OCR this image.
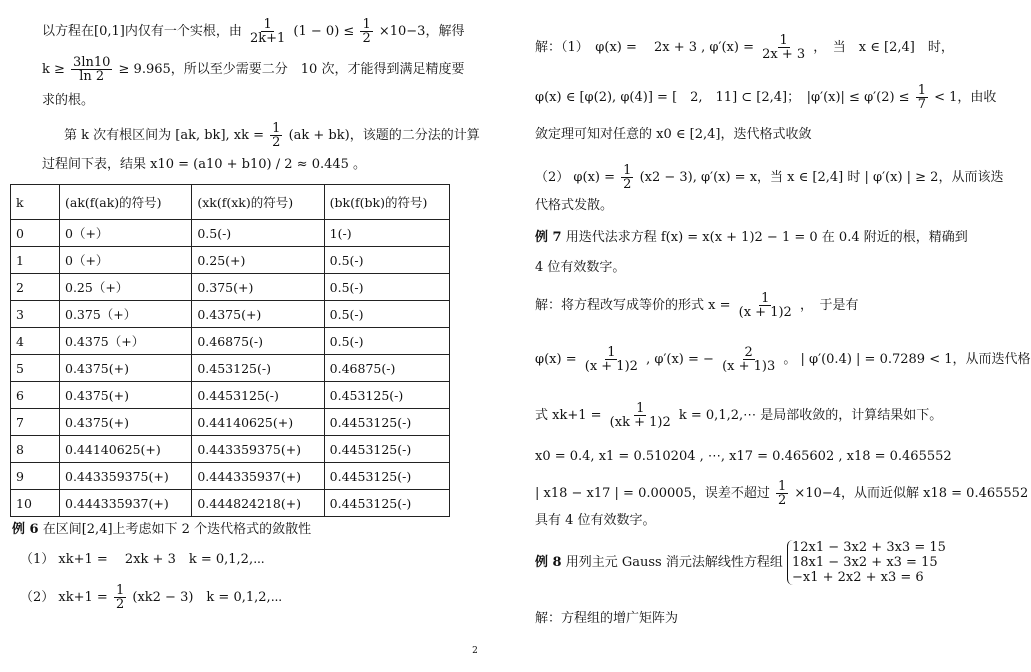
以方程在[0,1]内仅有一个实根，由 $\frac{1}{2k+1} (1 - 0) \le \frac{1}{2} \times 10-3$，解得
$k \ge \frac{3\ln 10}{\ln 2} \ge 9.965$，所以至少需要二分　10 次，才能得到满足精度要
求的根。
第 k 次有根区间为 [ak, bk], xk = $\frac{1}{2} (ak + bk)$，该题的二分法的计算
过程间下表，结果 x10 = (a10 + b10) / 2 ≈ 0.445 。
k	(ak(f(ak)的符号)	(xk(f(xk)的符号)	(bk(f(bk)的符号)
0	0（+）	0.5(-)	1(-)
1	0（+）	0.25(+)	0.5(-)
2	0.25（+）	0.375(+)	0.5(-)
3	0.375（+）	0.4375(+)	0.5(-)
4	0.4375（+）	0.46875(-)	0.5(-)
5	0.4375(+)	0.453125(-)	0.46875(-)
6	0.4375(+)	0.4453125(-)	0.453125(-)
7	0.4375(+)	0.44140625(+)	0.4453125(-)
8	0.44140625(+)	0.443359375(+)	0.4453125(-)
9	0.443359375(+)	0.444335937(+)	0.4453125(-)
10	0.444335937(+)	0.444824218(+)	0.4453125(-)
例 6 在区间[2,4]上考虑如下 2 个迭代格式的敛散性
（1） xk+1 = 　2xk + 3　k = 0,1,2,⋯
（2） $xk+1 = \frac{1}{2} (xk2 - 3)$　k = 0,1,2,⋯
解：（1）　φ(x) = 　2x + 3 , $\varphi'(x) = \frac{1}{2x + 3}$ ，　当　x ∈ [2,4]　时，
φ(x) ∈ [φ(2), φ(4)] = [　2,　11] ⊂ [2,4]；　$|\varphi'(x)| \le \varphi'(2) \le \frac{1}{7} < 1$，由收
敛定理可知对任意的 x0 ∈ [2,4]，迭代格式收敛
（2） $\varphi(x) = \frac{1}{2} (x2 - 3)$, φ′(x) = x，当 x ∈ [2,4] 时 | φ′(x) | ≥ 2，从而该迭
代格式发散。
例 7 用迭代法求方程 f(x) = x(x + 1)2 − 1 = 0 在 0.4 附近的根，精确到
4 位有效数字。
解：将方程改写成等价的形式 $x = \frac{1}{(x + 1)2}$ ，　于是有
$\varphi(x) = \frac{1}{(x + 1)2}$ , φ′(x) = − $\frac{2}{(x + 1)3}$ 。 | φ′(0.4) | = 0.7289 < 1，从而迭代格
式 $xk+1 = \frac{1}{(xk + 1)2}$ k = 0,1,2,⋯ 是局部收敛的，计算结果如下。
x0 = 0.4, x1 = 0.510204 , ⋯, x17 = 0.465602 , x18 = 0.465552
| x18 − x17 | = 0.00005，误差不超过 $\frac{1}{2} \times 10-4$，从而近似解 x18 = 0.465552
具有 4 位有效数字。
例 8 用列主元 Gauss 消元法解线性方程组
12x1 − 3x2 + 3x3 = 15
18x1 − 3x2 + x3 = 15
−x1 + 2x2 + x3 = 6
解：方程组的增广矩阵为
2
